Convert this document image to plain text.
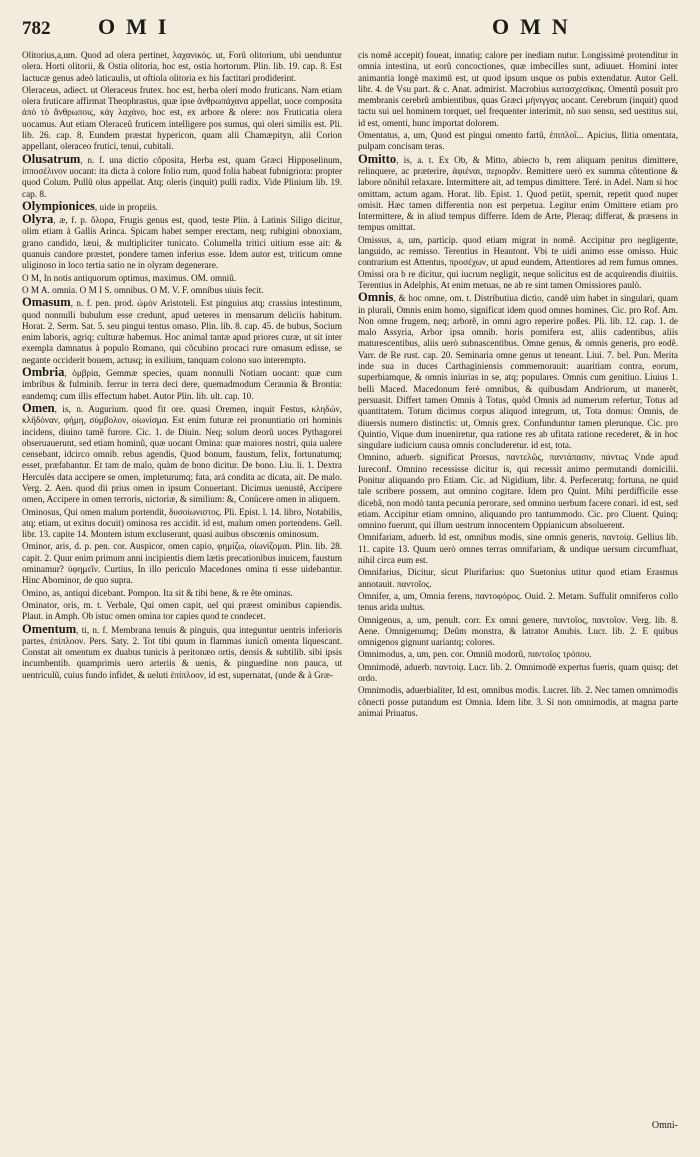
782	OMI	OMN

Olitorius,a,um. Quod ad olera pertinet, λαχανικός. ut, Forũ olitorium, ubi uenduntur olera. Horti olitorii, & Ostia olitoria, hoc est, ostia hortorum. Plin. lib. 19. cap. 8. Est lactucæ genus adeò laticaulis, ut oftiola olitoria ex his factitari prodiderint.

Oleraceus, adiect. ut Oleraceus frutex. hoc est, herba oleri modo fruticans. Nam etiam olera fruticare affirmat Theophrastus, quæ ipse ἀνθρωπάχανα appellat, uoce composita ἀπὸ τὸ ἄνθρωποις, κἀγ λαχάνο, hoc est, ex arbore & olere: nos Fruticatia olera uocamus. Aut etiam Oleraceû fruticem intelligere pos sumus, qui oleri similis est. Pli. lib. 26. cap. 8. Eundem præstat hypericon, quam alii Chamæpityn, alii Corion appellant, oleraceo frutici, tenui, cubitali.

Olusatrum, n. f. una dictio cõposita, Herba est, quam Græci Hipposelinum, ἱπποσέλινον uocant: ita dicta à colore folio rum, quod folia habeat fubnigriora: propter quod Colum. Pullũ olus appellat. Atq; oleris (inquit) pulli radix. Vide Plinium lib. 19. cap. 8.

Olympionices, uide in propriis.

Olyra, æ, f. p. ὄλυρα, Frugis genus est, quod, teste Plin. à Latinis Siligo dicitur, olim etiam à Gallis Arinca. Spicam habet semper erectam, neq; rubigini obnoxiam, grano candido, læui, & multipliciter tunicato. Columella tritici uitium esse ait: & quanuis candore præstet, pondere tamen inferius esse. Idem autor est, triticum omne uliginoso in loco tertia satio ne in olyram degenerare.

O M, In notis antiquorum optimus, maximus. OM. omniũ.

O M A. omnia. O M I S. omnibus. O M. V. F. omnibus uiuis fecit.

Omasum, n. f. pen. prod. ὠμὸν Aristoteli. Est pinguius atq; crassius intestinum, quod nonnulli bubulum esse credunt, apud ueteres in mensarum deliciis habitum. Horat. 2. Serm. Sat. 5. seu pingui tentus omaso. Plin. lib. 8. cap. 45. de bubus, Socium enim laboris, agriq; culturæ habemus. Hoc animal tantæ apud priores curæ, ut sit inter exempla damnatus à populo Romano, qui cõcubino procaci rure omasum edisse, se negante occiderit bouem, actusq; in exilium, tanquam colono suo interempto.

Ombria, ὀμβρία, Gemmæ species, quam nonnulli Notiam uocant: quæ cum imbribus & fulminib. ferrur in terra deci dere, quemadmodum Ceraunia & Brontia: eandemq; cum illis effectum habet. Autor Plin. lib. ult. cap. 10.

Omen, is, n. Augurium. quod fit ore. quasi Oremen, inquit Festus, κληδών, κλῆδόναν, φήμη, σύμβολον, οἰωνίσμα. Est enim futuræ rei pronuntiatio ori hominis incidens, diuino tamẽ furore. Cic. 1. de Diuin. Neq; solum deorũ uoces Pythagorei obseruauerunt, sed etiam hominũ, quæ uocant Omina: quæ maiores nostri, quia ualere censebant, idcirco omnib. rebus agendis, Quod bonum, faustum, felix, fortunatumq; esset, præfabantur. Et tam de malo, quàm de bono dicitur. De bono. Liu. li. 1. Dextra Herculès data accipere se omen, impleturumq; fata, ará condita ac dicata, ait. De malo. Verg. 2. Aen. quod dii prius omen in ipsum Conuertant. Dicimus uenustẽ, Accipere omen, Accipere in omen terroris, uictoriæ, & similium: &, Conücere omen in aliquem.

Ominosus, Qui omen malum portendit, δυσοίωνιστος. Pli. Epist. l. 14. libro, Notabilis, atq; etiam, ut exitus docuit) ominosa res accidit. id est, malum omen portendens. Gell. libr. 13. capite 14. Montem istum excluserant, quasi auibus obscœnis ominosum.

Ominor, aris, d. p. pen. cor. Auspicor, omen capio, φημίζω, οἰωνίζομαι. Plin. lib. 28. capit. 2. Quur enim primum anni incipientis diem lætis precationibus inuicem, faustum ominamur? ὑφημεῖν. Curtius, In illo periculo Macedones omina ti esse uidebantur. Hinc Abominor, de quo supra.

Omino, as, antiqui dicebant. Pompon. Ita sit & tibi bene, & re ête ominas.

Ominator, oris, m. t. Verbale, Qui omen capit, uel qui præest ominibus capiendis. Plaut. in Amph. Ob istuc omen omina tor capies quod te condecet.

Omentum, ti, n. f. Membrana tenuis & pinguis, qua integuntur uentris inferioris partes, ἐπίπλοον. Pers. Saty. 2. Tot tibi quum in flammas iunicũ omenta liquescant. Constat ait omentum ex duabus tunicis à peritonæo ortis, densis & subtilib. sibi ipsis incumbentib. quamprimis uero arteriis & uenis, & pinguedine non pauca, ut uentriculũ, cuius fundo infidet, & ueluti ἐπίπλοον, id est, supernatat, (unde & à Græ-

cis nomẽ accepit) foueat, innatiq; calore per inediam nutur. Longissimè protenditur in omnia intestina, ut eorũ concoctiones, quæ imbecilles sunt, adiuuet. Homini inter animantia longè maximũ est, ut quod ipsum usque os pubis extendatur. Autor Gell. libr. 4. de Vsu part. & c. Anat. admirist. Macrobius κατασχεσίκας. Omentũ posuit pro membranis cerebrũ ambientibus, quas Græci μήνιγγας uocant. Cerebrum (inquit) quod tactu sui uel hominem torquet, uel frequenter interimit, nõ suo sensu, sed uestitus sui, id est, omenti, hunc importat dolorem.

Omentatus, a, um, Quod est pingui omento fartũ, ἐπιπλοΐ... Apicius, Ilitia omentata, pulpam concisam teras.

Omitto, is, a. t. Ex Ob, & Mitto, abiecto b, rem aliquam penitus dimittere, relinquere, ac præterire, ἀφιέναι, περιορᾶν. Remittere uerò ex summa cõtentione & labore nõnihil relaxare. Intermittere ait, ad tempus dimittere. Teré. in Adel. Nam si hoc omittam, actum agam. Horat. lib. Epist. 1. Quod petiit, spernit, repetit quod nuper omisit. Hæc tamen differentia non est perpetua. Legitur enim Omittere etiam pro Intermittere, & in aliud tempus differre. Idem de Arte, Pleraq; differat, & præsens in tempus omittat.

Omissus, a, um, particip. quod etiam migrat in nomẽ. Accipitur pro negligente, languido, ac remisso. Terentius in Heautont. Vbi te uidi animo esse omisso. Huic contrarium est Attentus, προσέχων, ut apud eundem, Attentiores ad rem fumus omnes. Omissi ora b re dicitur, qui iucrum negligit, neque solicitus est de acquirendis diuitiis. Terentius in Adelphis, At enim metuas, ne ab re sint tamen Omissiores paulò.

Omnis, & hoc omne, om. t. Distributiua dictio, candẽ uim habet in singulari, quam in plurali, Omnis enim homo, significat idem quod omnes homines. Cic. pro Rof. Am. Non omne frugem, neq; arborẽ, in omni agro reperire poßes. Pli. lib. 12. cap. 1. de malo Assyria, Arbor ipsa omnib. horis pomifera est, aliis cadentibus, aliis maturescentibus, aliis uerò subnascentibus. Omne genus, & omnis generis, pro eodẽ. Varr. de Re rust. cap. 20. Seminaria omne genus ut teneant. Liui. 7. bel. Pun. Merita inde sua in duces Carthaginiensis commemorauit: auaritiam contra, eorum, superbiamque, & omnis iniurias in se, atq; populares. Omnis cum genitiuo. Liuius 1. belli Maced. Macedonum ferè omnibus, & quibusdam Andriorum, ut manerẽt, persuasit. Differt tamen Omnis à Totus, quòd Omnis ad numerum refertur, Totus ad quantitatem. Totum dicimus corpus aliquod integrum, ut, Tota domus: Omnis, de diuersis numero distinctis: ut, Omnis grex. Confunduntur tamen plerunque. Cic. pro Quintio, Vique dum inueniretur, qua ratione res ab ufitata ratione recederet, & in hoc singulare iudicium causa omnis concluderetur. id est, tota.

Omnino, aduerb. significat Prorsus, παντελῶς, παντάπασιν, πάντως Vnde apud Iureconf. Omnino recessisse dicitur is, qui recessit animo permutandi domicilii. Ponitur aliquando pro Etiam. Cic. ad Nigidium, libr. 4. Perfeceratq; fortuna, ne quid tale scribere possem, aut omnino cogitare. Idem pro Quint. Mihi perdifficile esse dicebã, non modò tanta pecunia perorare, sed omnino uerbum facere conari. id est, sed etiam. Accipitur etiam omnino, aliquando pro tantummodo. Cic. pro Cluent. Quinq; omnino fuerunt, qui illum uestrum innocentem Oppianicum absoluerent.

Omnifariam, aduerb. Id est, omnibus modis, sine omnis generis, παντοίᾳ. Gellius lib. 11. capite 13. Quum uerò omnes terras omnifariam, & undique uersum circumfluat, nihil circa eum est.

Omnifarius, Dicitur, sicut Plurifarius: quo Suetonius utitur quod etiam Erasmus annotauit. παντοῖος.

Omnifer, a, um, Omnia ferens, παντοφόρος. Ouid. 2. Metam. Suffulit omniferos collo tenus arida uultus.

Omnigenus, a, um, penult. corr. Ex omni genere, παντοῖος, παντοῖον. Verg. lib. 8. Aene. Omnigenumq; Deûm monstra, & latrator Anubis. Lucr. lib. 2. E quibus omnigenos gignunt uariantq; colores.

Omnimodus, a, um, pen. cor. Omniũ modorũ, παντοῖος τρόπου.

Omnimodè, aduerb. παντοίᾳ. Lucr. lib. 2. Omnimodè expertus fueris, quam quisq; det ordo.

Omnimodis, aduerbialiter, Id est, omnibus modis. Lucret. lib. 2. Nec tamen omnimodis cõnecti posse putandum est Omnia. Idem libr. 3. Si non omnimodis, at magna parte animai Priuatus.

Omni-
